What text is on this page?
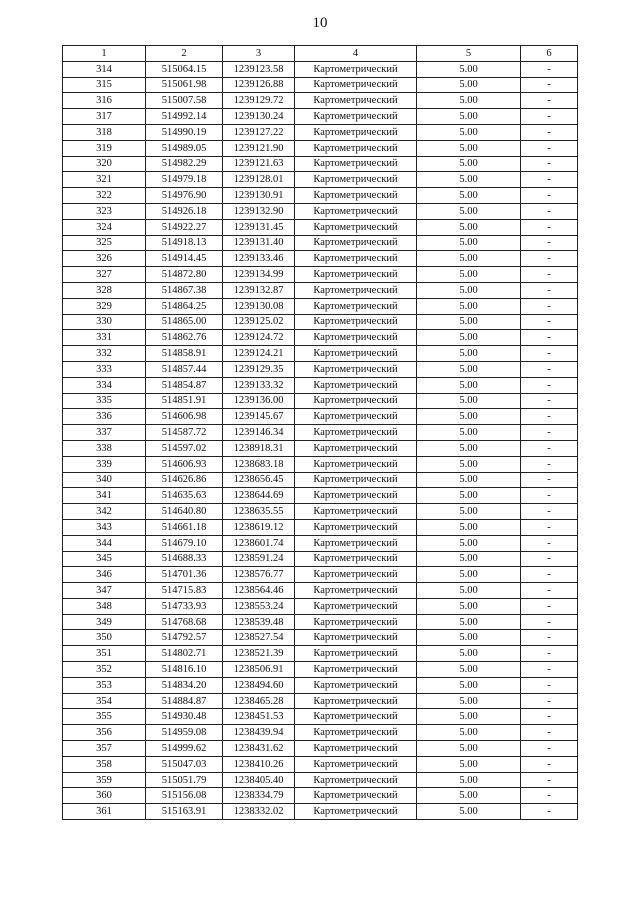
10
1	2	3	4	5	6
314	515064.15	1239123.58	Картометрический	5.00	-
315	515061.98	1239126.88	Картометрический	5.00	-
316	515007.58	1239129.72	Картометрический	5.00	-
317	514992.14	1239130.24	Картометрический	5.00	-
318	514990.19	1239127.22	Картометрический	5.00	-
319	514989.05	1239121.90	Картометрический	5.00	-
320	514982.29	1239121.63	Картометрический	5.00	-
321	514979.18	1239128.01	Картометрический	5.00	-
322	514976.90	1239130.91	Картометрический	5.00	-
323	514926.18	1239132.90	Картометрический	5.00	-
324	514922.27	1239131.45	Картометрический	5.00	-
325	514918.13	1239131.40	Картометрический	5.00	-
326	514914.45	1239133.46	Картометрический	5.00	-
327	514872.80	1239134.99	Картометрический	5.00	-
328	514867.38	1239132.87	Картометрический	5.00	-
329	514864.25	1239130.08	Картометрический	5.00	-
330	514865.00	1239125.02	Картометрический	5.00	-
331	514862.76	1239124.72	Картометрический	5.00	-
332	514858.91	1239124.21	Картометрический	5.00	-
333	514857.44	1239129.35	Картометрический	5.00	-
334	514854.87	1239133.32	Картометрический	5.00	-
335	514851.91	1239136.00	Картометрический	5.00	-
336	514606.98	1239145.67	Картометрический	5.00	-
337	514587.72	1239146.34	Картометрический	5.00	-
338	514597.02	1238918.31	Картометрический	5.00	-
339	514606.93	1238683.18	Картометрический	5.00	-
340	514626.86	1238656.45	Картометрический	5.00	-
341	514635.63	1238644.69	Картометрический	5.00	-
342	514640.80	1238635.55	Картометрический	5.00	-
343	514661.18	1238619.12	Картометрический	5.00	-
344	514679.10	1238601.74	Картометрический	5.00	-
345	514688.33	1238591.24	Картометрический	5.00	-
346	514701.36	1238576.77	Картометрический	5.00	-
347	514715.83	1238564.46	Картометрический	5.00	-
348	514733.93	1238553.24	Картометрический	5.00	-
349	514768.68	1238539.48	Картометрический	5.00	-
350	514792.57	1238527.54	Картометрический	5.00	-
351	514802.71	1238521.39	Картометрический	5.00	-
352	514816.10	1238506.91	Картометрический	5.00	-
353	514834.20	1238494.60	Картометрический	5.00	-
354	514884.87	1238465.28	Картометрический	5.00	-
355	514930.48	1238451.53	Картометрический	5.00	-
356	514959.08	1238439.94	Картометрический	5.00	-
357	514999.62	1238431.62	Картометрический	5.00	-
358	515047.03	1238410.26	Картометрический	5.00	-
359	515051.79	1238405.40	Картометрический	5.00	-
360	515156.08	1238334.79	Картометрический	5.00	-
361	515163.91	1238332.02	Картометрический	5.00	-
